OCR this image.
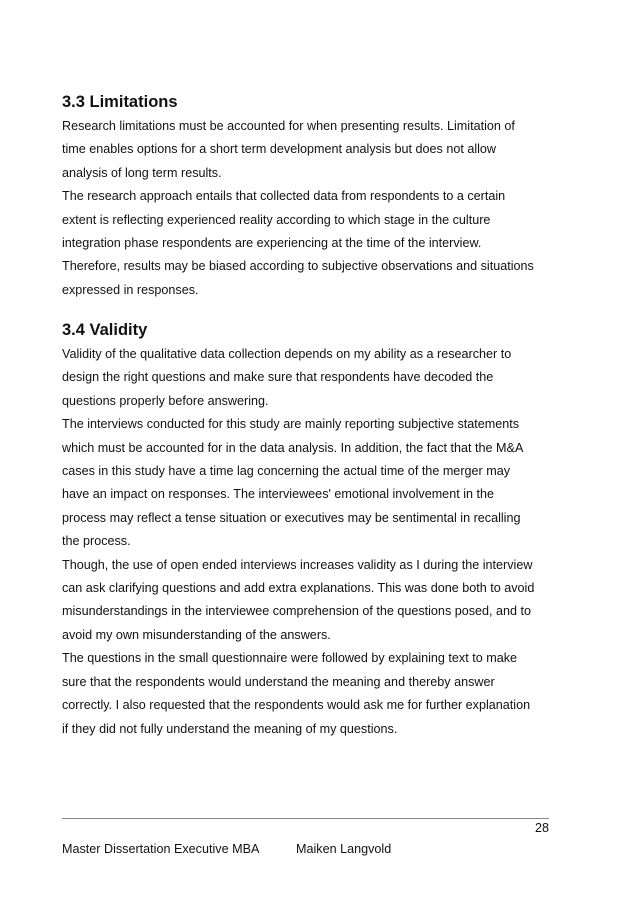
3.3 Limitations
Research limitations must be accounted for when presenting results. Limitation of
time enables options for a short term development analysis but does not allow
analysis of long term results.
The research approach entails that collected data from respondents to a certain
extent is reflecting experienced reality according to which stage in the culture
integration phase respondents are experiencing at the time of the interview.
Therefore, results may be biased according to subjective observations and situations
expressed in responses.
3.4 Validity
Validity of the qualitative data collection depends on my ability as a researcher to
design the right questions and make sure that respondents have decoded the
questions properly before answering.
The interviews conducted for this study are mainly reporting subjective statements
which must be accounted for in the data analysis. In addition, the fact that the M&A
cases in this study have a time lag concerning the actual time of the merger may
have an impact on responses. The interviewees' emotional involvement in the
process may reflect a tense situation or executives may be sentimental in recalling
the process.
Though, the use of open ended interviews increases validity as I during the interview
can ask clarifying questions and add extra explanations. This was done both to avoid
misunderstandings in the interviewee comprehension of the questions posed, and to
avoid my own misunderstanding of the answers.
The questions in the small questionnaire were followed by explaining text to make
sure that the respondents would understand the meaning and thereby answer
correctly. I also requested that the respondents would ask me for further explanation
if they did not fully understand the meaning of my questions.
28
Master Dissertation Executive MBA	Maiken Langvold
